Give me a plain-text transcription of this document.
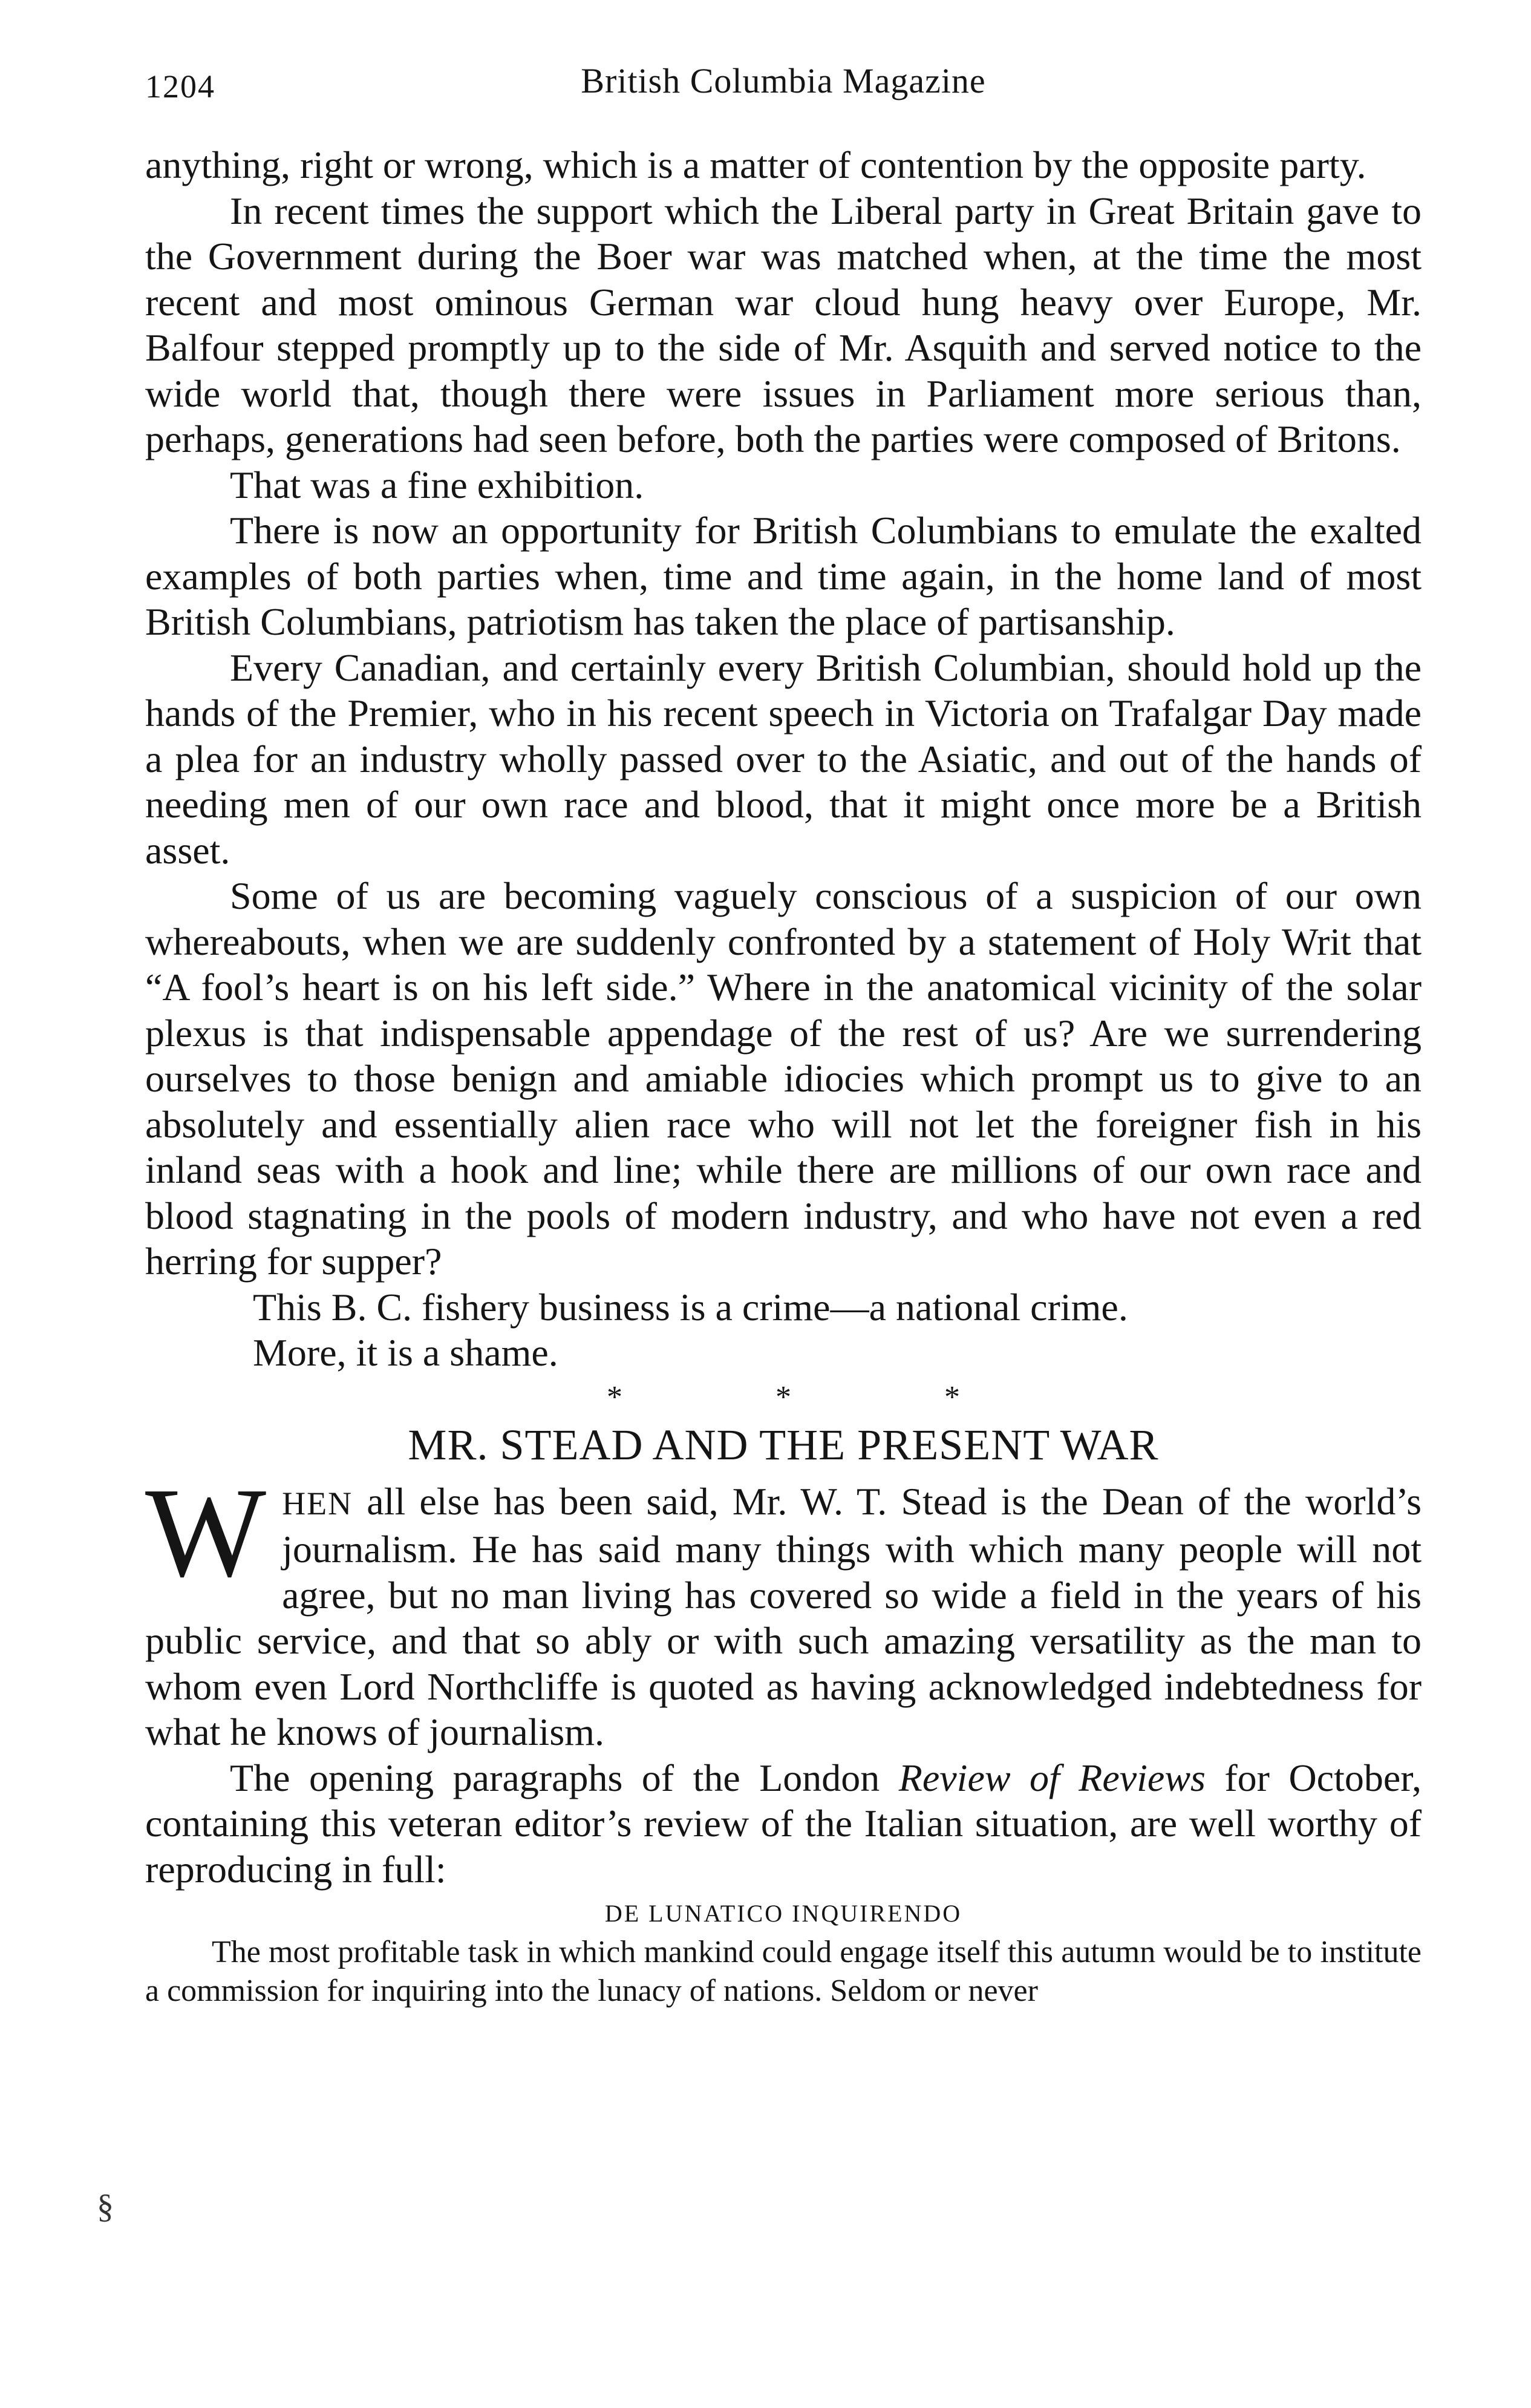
1204	British Columbia Magazine

anything, right or wrong, which is a matter of contention by the opposite party.

In recent times the support which the Liberal party in Great Britain gave to the Government during the Boer war was matched when, at the time the most recent and most ominous German war cloud hung heavy over Europe, Mr. Balfour stepped promptly up to the side of Mr. Asquith and served notice to the wide world that, though there were issues in Parliament more serious than, perhaps, generations had seen before, both the parties were composed of Britons.

That was a fine exhibition.

There is now an opportunity for British Columbians to emulate the exalted examples of both parties when, time and time again, in the home land of most British Columbians, patriotism has taken the place of partisanship.

Every Canadian, and certainly every British Columbian, should hold up the hands of the Premier, who in his recent speech in Victoria on Trafalgar Day made a plea for an industry wholly passed over to the Asiatic, and out of the hands of needing men of our own race and blood, that it might once more be a British asset.

Some of us are becoming vaguely conscious of a suspicion of our own whereabouts, when we are suddenly confronted by a statement of Holy Writ that “A fool’s heart is on his left side.” Where in the anatomical vicinity of the solar plexus is that indispensable appendage of the rest of us? Are we surrendering ourselves to those benign and amiable idiocies which prompt us to give to an absolutely and essentially alien race who will not let the foreigner fish in his inland seas with a hook and line; while there are millions of our own race and blood stagnating in the pools of modern industry, and who have not even a red herring for supper?

This B. C. fishery business is a crime—a national crime.

More, it is a shame.

* * *
MR. STEAD AND THE PRESENT WAR

WHEN all else has been said, Mr. W. T. Stead is the Dean of the world’s journalism. He has said many things with which many people will not agree, but no man living has covered so wide a field in the years of his public service, and that so ably or with such amazing versatility as the man to whom even Lord Northcliffe is quoted as having acknowledged indebtedness for what he knows of journalism.

The opening paragraphs of the London Review of Reviews for October, containing this veteran editor’s review of the Italian situation, are well worthy of reproducing in full:

DE LUNATICO INQUIRENDO

The most profitable task in which mankind could engage itself this autumn would be to institute a commission for inquiring into the lunacy of nations. Seldom or never

§
